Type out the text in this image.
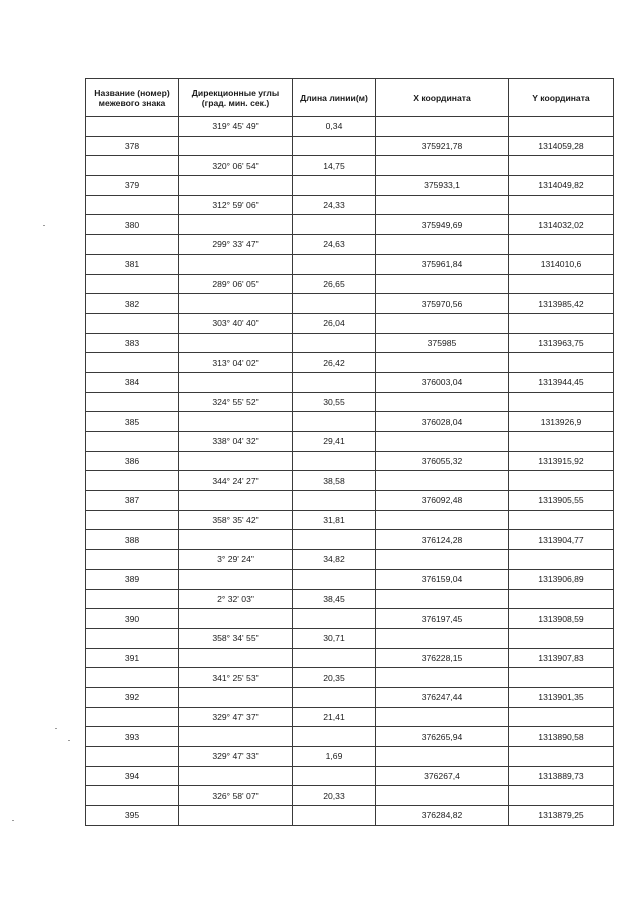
Название (номер) межевого знака	Дирекционные углы (град. мин. сек.)	Длина линии(м)	X координата	Y координата
	319° 45' 49"	0,34		
378			375921,78	1314059,28
	320° 06' 54"	14,75		
379			375933,1	1314049,82
	312° 59' 06"	24,33		
380			375949,69	1314032,02
	299° 33' 47"	24,63		
381			375961,84	1314010,6
	289° 06' 05"	26,65		
382			375970,56	1313985,42
	303° 40' 40"	26,04		
383			375985	1313963,75
	313° 04' 02"	26,42		
384			376003,04	1313944,45
	324° 55' 52"	30,55		
385			376028,04	1313926,9
	338° 04' 32"	29,41		
386			376055,32	1313915,92
	344° 24' 27"	38,58		
387			376092,48	1313905,55
	358° 35' 42"	31,81		
388			376124,28	1313904,77
	3° 29' 24"	34,82		
389			376159,04	1313906,89
	2° 32' 03"	38,45		
390			376197,45	1313908,59
	358° 34' 55"	30,71		
391			376228,15	1313907,83
	341° 25' 53"	20,35		
392			376247,44	1313901,35
	329° 47' 37"	21,41		
393			376265,94	1313890,58
	329° 47' 33"	1,69		
394			376267,4	1313889,73
	326° 58' 07"	20,33		
395			376284,82	1313879,25
